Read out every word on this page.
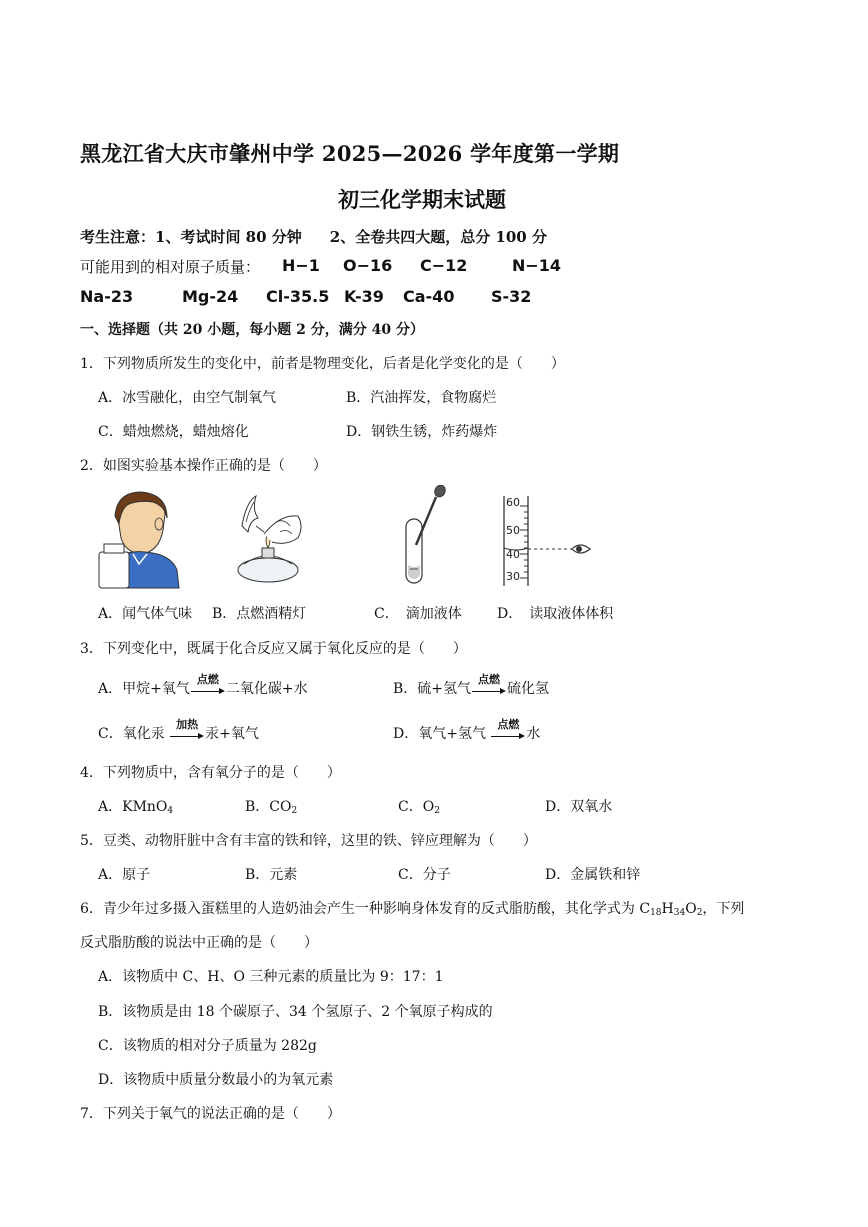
黑龙江省大庆市肇州中学 2025—2026 学年度第一学期
初三化学期末试题
考生注意：1、考试时间 80 分钟 2、全卷共四大题，总分 100 分
可能用到的相对原子质量： H−1 O−16 C−12	N−14
Na-23	Mg-24 Cl-35.5 K-39 Ca-40 S-32
一、选择题（共 20 小题，每小题 2 分，满分 40 分）
1．下列物质所发生的变化中，前者是物理变化，后者是化学变化的是（　　）
A．冰雪融化，由空气制氧气	B．汽油挥发，食物腐烂
C．蜡烛燃烧，蜡烛熔化	D．钢铁生锈，炸药爆炸
2．如图实验基本操作正确的是（　　）
60
50
40
30
A．闻气体气味 B．点燃酒精灯	C．　滴加液体	D．　读取液体体积
3．下列变化中，既属于化合反应又属于氧化反应的是（　　）
A．甲烷+氧气
点燃
二氧化碳+水	B．硫+氢气
点燃
硫化氢
C．氧化汞
加热
汞+氧气	D．氧气+氢气
点燃
水
4．下列物质中，含有氧分子的是（　　）
A．KMnO$_4$	B．$CO_2$	C．$O_2$	D．双氧水
5．豆类、动物肝脏中含有丰富的铁和锌，这里的铁、锌应理解为（　　）
A．原子	B．元素	C．分子	D．金属铁和锌
6．青少年过多摄入蛋糕里的人造奶油会产生一种影响身体发育的反式脂肪酸，其化学式为 $C_{18}H_{34}O_2$，下列
反式脂肪酸的说法中正确的是（　　）
A．该物质中 C、H、O 三种元素的质量比为 9：17：1
B．该物质是由 18 个碳原子、34 个氢原子、2 个氧原子构成的
C．该物质的相对分子质量为 282g
D．该物质中质量分数最小的为氧元素
7．下列关于氧气的说法正确的是（　　）
